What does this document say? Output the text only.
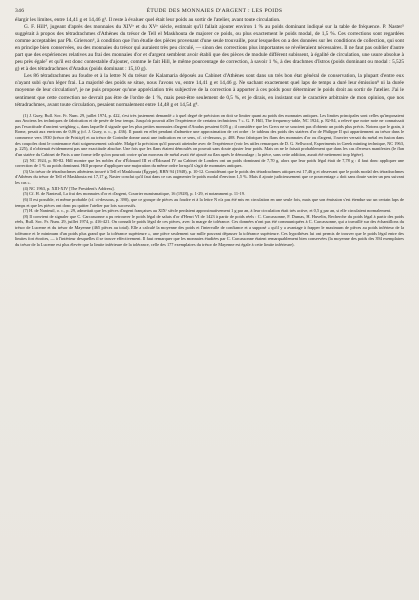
346	ÉTUDE DES MONNAIES D'ARGENT : LES POIDS

élargir les limites, entre 14,41 g et 14,46 g³. Il reste à évaluer quel était leur poids au sortir de l'atelier, avant toute circulation.

G. F. Hill⁴, jugeant d'après des monnaies du XIVᵉ et du XVᵉ siècle, estimait qu'il fallait ajouter environ 1 % au poids dominant indiqué sur la table de fréquence. P. Naster⁵ suggérait à propos des tétradrachmes d'Athènes du trésor de Tell el Maskhouta de majorer ce poids, ou plus exactement le poids modal, de 1,5 %. Ces corrections sont regardées comme acceptables par Ph. Grierson⁶, à condition que l'on étudie des pièces provenant d'une seule trouvaille, pour lesquelles on a des données sur les conditions de collection, qui sont en principe bien conservées, ou des monnaies du trésor qui auraient très peu circulé, — sinon des corrections plus importantes se révéleraient nécessaires. Il ne faut pas oublier d'autre part que des expériences relatives au frai des monnaies d'or et d'argent semblent avoir établi que des pièces de module différent subissent, à égalité de circulation, une usure absolue à peu près égale⁷ et qu'il est donc contestable d'ajouter, comme le fait Hill, le même pourcentage de correction, à savoir 1 %, à des drachmes d'Istros (poids dominant ou modal : 5,525 g) et à des tétradrachmes d'Aradus (poids dominant : 15,10 g).

Les 86 tétradrachmes au foudre et à la lettre N du trésor de Kalamaria déposés au Cabinet d'Athènes sont dans un très bon état général de conservation, la plupart d'entre eux n'ayant subi qu'un léger frai. La majorité des poids se situe, nous l'avons vu, entre 14,41 g et 14,46 g. Ne sachant exactement quel laps de temps a duré leur émission⁸ ni la durée moyenne de leur circulation⁹, je ne puis proposer qu'une appréciation très subjective de la correction à apporter à ces poids pour déterminer le poids droit au sortir de l'atelier. J'ai le sentiment que cette correction ne devrait pas être de l'ordre de 1 %, mais peut-être seulement de 0,5 %, et je dirais, en insistant sur le caractère arbitraire de mon opinion, que nos tétradrachmes, avant toute circulation, pesaient normalement entre 14,48 g et 14,54 g⁸.

(1) J. Guey, Bull. Soc. Fr. Num. 29, juillet 1974, p. 422, s'est très justement demandé « à quel degré de précision on doit se limiter quant au poids des monnaies antiques. Les limites principales sont celles qu'imposaient aux Anciens les techniques de fabrication et de pesée de leur temps. Jusqu'où pouvait aller l'expérience de certains techniciens ? ». G. F. Hill, The frequency-table, NC 1924, p. 82-84, a relevé que notre note ne connaissait pas l'exactitude d'ancient weighing », dans laquelle il signale que les plus petites monnaies d'argent d'Aradus pesaient 0,05 g ; il considère que les Grecs ne se soucient pas d'obtenir un poids plus précis. Notons que le grain, à Rome, pesait aux environs de 0,06 g (cf. J. Guey, o. c., p. 436). Il parait en effet pendant d'admettre une approximation de cet ordre : le tableau des poids des statères d'or de Philippe II qui appartiennent au trésor dans le commerce vers 1930 (trésor de Pristiçé) et au trésor de Corinthe donne aussi une indication en ce sens, cf. ci-dessous, p. 408. Pour fabriquer les flans des monnaies d'or ou d'argent, l'ouvrier versait du métal en fusion dans des coupoles dont le contenance était soigneusement calculée. Malgré la précision qu'il pouvait atteindre avec de l'expérience (voir les utiles remarques de D. G. Sellwood, Experiments in Greek minting technique, NC 1963, p. 225), il n'obtenait évidemment pas une exactitude absolue. Une fois que les flans étaient démoulés on pouvait sans doute ajuster leur poids. Mais on ne le faisait probablement que dans les cas d'erreurs manifestes (le flan d'un statère du Cabinet de Paris a une forme telle qu'on pourrait croire qu'un morceau de métal avait été ajouté au flan après le démoulage ; la pièce, sans cette addition, aurait été nettement trop légère).

(2) NC 1924, p. 80-82. Hill montre que les nobles d'or d'Édouard III et d'Édouard IV au Cabinet de Londres ont un poids dominant de 7,70 g, alors que leur poids légal était de 7,78 g : il faut donc appliquer une correction de 1 % au poids dominant. Hill propose d'appliquer une majoration du même ordre lorsqu'il s'agit de monnaies antiques.

(3) Un trésor de tétradrachmes athéniens trouvé à Tell el Maskhouta (Égypte), RBN 94 (1948), p. 10-12. Considérant que le poids des tétradrachmes attiques est 17,46 g et observant que le poids modal des tétradrachmes d'Athènes du trésor de Tell el Maskhouta est 17,17 g, Naster conclut qu'il faut dans ce cas augmenter le poids modal d'environ 1,5 %. Mais il ajoute judicieusement que ce pourcentage « doit sans doute varier un peu suivant les cas ».

(4) NC 1963, p. XIII-XIV [The President's Address].

(5) Cf. H. de Nanteuil, La frai des monnaies d'or et d'argent, Courrier numismatique, 16 (1928), p. 1-29, et notamment p. 11-19.

(6) Il est possible, et même probable (cf. ci-dessous, p. 390), que ce groupe de pièces au foudre et à la lettre N n'a pas été mis en circulation en une seule fois, mais que son émission s'est étendue sur un certain laps de temps et que les pièces ont donc pu quitter l'atelier par lots successifs.

(7) H. de Nanteuil, o. c., p. 29, admettait que les pièces d'argent françaises au XIXᵉ siècle perdaient approximativement 1 g par an, à leur circulation était très active, et 0,5 g par an, si elle circulaient normalement.

(8) Il convient de signaler que C. Carcassonne a pu retrouver le poids légal de saluts d'or d'Henri VI de 1423 à partir de poids réels : C. Carcassonne, F. Dumas, H. Huvelin, Recherche du poids légal à partir des poids réels, Bull. Soc. Fr. Num. 29, juillet 1974, p. 416-421. On connaît le poids légal de ces pièces, avec la marge de tolérance. Ces données n'ont pas été communiquées à C. Carcassonne, qui a travaillé sur des échantillons du trésor de Lucerne et du trésor de Mayenne (465 pièces au total). Elle a calculé la moyenne des poids et l'intervalle de confiance et a supposé « qu'il y a avantage à frapper le maximum de pièces au poids inférieur de la tolérance et le minimum d'un poids plus grand que la tolérance supérieure », une pièce seulement sur mille pouvant dépasser la tolérance supérieure. Ces hypothèses lui ont permis de trouver que le poids légal entre des limites fort étroites, — à l'intérieur desquelles il se trouve effectivement. Il faut remarquer que les monnaies étudiées par C. Carcassonne étaient remarquablement bien conservées (la moyenne des poids des 394 exemplaires du trésor de la Lucerne est plus élevée que la limite inférieure de la tolérance, celle des 177 exemplaires du trésor de Mayenne est égale à cette limite inférieure).
